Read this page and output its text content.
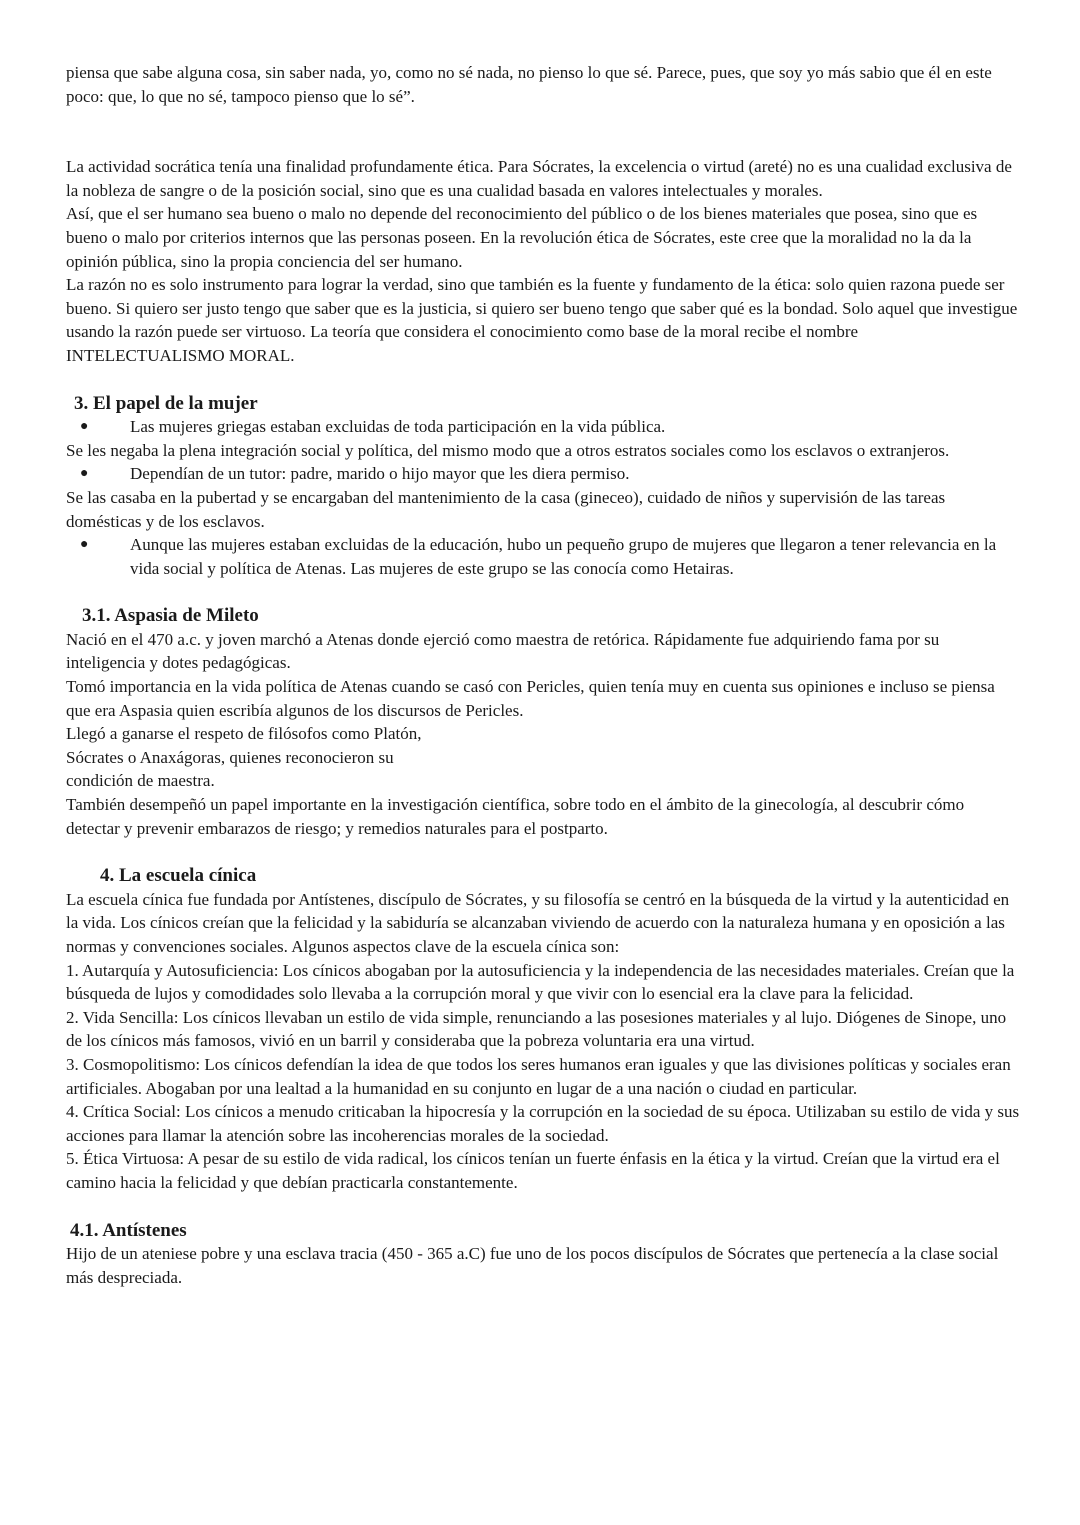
piensa que sabe alguna cosa, sin saber nada, yo, como no sé nada, no pienso lo que sé. Parece, pues, que soy yo más sabio que él en este poco: que, lo que no sé, tampoco pienso que lo sé”.

La actividad socrática tenía una finalidad profundamente ética. Para Sócrates, la excelencia o virtud (areté) no es una cualidad exclusiva de la nobleza de sangre o de la posición social, sino que es una cualidad basada en valores intelectuales y morales.

Así, que el ser humano sea bueno o malo no depende del reconocimiento del público o de los bienes materiales que posea, sino que es bueno o malo por criterios internos que las personas poseen. En la revolución ética de Sócrates, este cree que la moralidad no la da la opinión pública, sino la propia conciencia del ser humano.

La razón no es solo instrumento para lograr la verdad, sino que también es la fuente y fundamento de la ética: solo quien razona puede ser bueno. Si quiero ser justo tengo que saber que es la justicia, si quiero ser bueno tengo que saber qué es la bondad. Solo aquel que investigue usando la razón puede ser virtuoso. La teoría que considera el conocimiento como base de la moral recibe el nombre INTELECTUALISMO MORAL.

3. El papel de la mujer
● Las mujeres griegas estaban excluidas de toda participación en la vida pública.

Se les negaba la plena integración social y política, del mismo modo que a otros estratos sociales como los esclavos o extranjeros.

● Dependían de un tutor: padre, marido o hijo mayor que les diera permiso.

Se las casaba en la pubertad y se encargaban del mantenimiento de la casa (gineceo), cuidado de niños y supervisión de las tareas domésticas y de los esclavos.

● Aunque las mujeres estaban excluidas de la educación, hubo un pequeño grupo de mujeres que llegaron a tener relevancia en la vida social y política de Atenas. Las mujeres de este grupo se las conocía como Hetairas.
3.1. Aspasia de Mileto

Nació en el 470 a.c. y joven marchó a Atenas donde ejerció como maestra de retórica. Rápidamente fue adquiriendo fama por su inteligencia y dotes pedagógicas.

Tomó importancia en la vida política de Atenas cuando se casó con Pericles, quien tenía muy en cuenta sus opiniones e incluso se piensa que era Aspasia quien escribía algunos de los discursos de Pericles.

Llegó a ganarse el respeto de filósofos como Platón,

Sócrates o Anaxágoras, quienes reconocieron su

condición de maestra.

También desempeñó un papel importante en la investigación científica, sobre todo en el ámbito de la ginecología, al descubrir cómo detectar y prevenir embarazos de riesgo; y remedios naturales para el postparto.

4. La escuela cínica

La escuela cínica fue fundada por Antístenes, discípulo de Sócrates, y su filosofía se centró en la búsqueda de la virtud y la autenticidad en la vida. Los cínicos creían que la felicidad y la sabiduría se alcanzaban viviendo de acuerdo con la naturaleza humana y en oposición a las normas y convenciones sociales. Algunos aspectos clave de la escuela cínica son:

1. Autarquía y Autosuficiencia: Los cínicos abogaban por la autosuficiencia y la independencia de las necesidades materiales. Creían que la búsqueda de lujos y comodidades solo llevaba a la corrupción moral y que vivir con lo esencial era la clave para la felicidad.

2. Vida Sencilla: Los cínicos llevaban un estilo de vida simple, renunciando a las posesiones materiales y al lujo. Diógenes de Sinope, uno de los cínicos más famosos, vivió en un barril y consideraba que la pobreza voluntaria era una virtud.

3. Cosmopolitismo: Los cínicos defendían la idea de que todos los seres humanos eran iguales y que las divisiones políticas y sociales eran artificiales. Abogaban por una lealtad a la humanidad en su conjunto en lugar de a una nación o ciudad en particular.

4. Crítica Social: Los cínicos a menudo criticaban la hipocresía y la corrupción en la sociedad de su época. Utilizaban su estilo de vida y sus acciones para llamar la atención sobre las incoherencias morales de la sociedad.

5. Ética Virtuosa: A pesar de su estilo de vida radical, los cínicos tenían un fuerte énfasis en la ética y la virtud. Creían que la virtud era el camino hacia la felicidad y que debían practicarla constantemente.

4.1. Antístenes

Hijo de un ateniese pobre y una esclava tracia (450 - 365 a.C) fue uno de los pocos discípulos de Sócrates que pertenecía a la clase social más despreciada.
